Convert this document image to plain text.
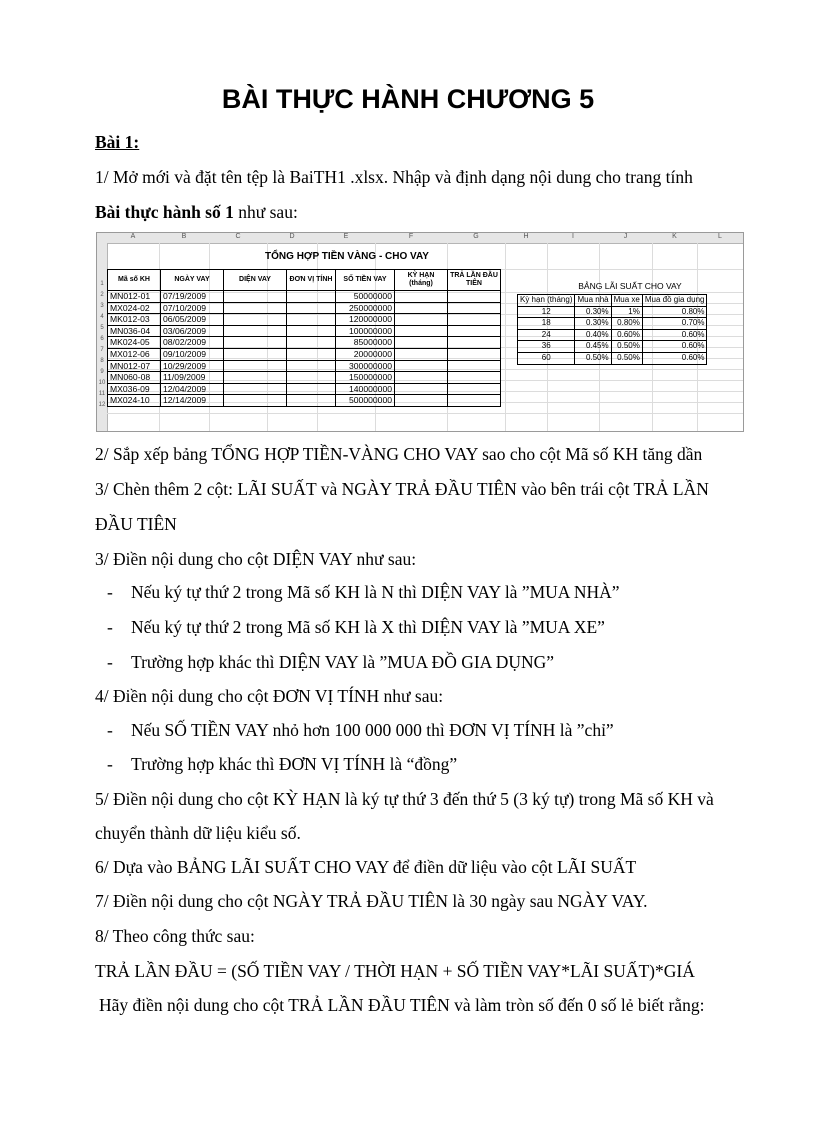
BÀI THỰC HÀNH CHƯƠNG 5
Bài 1:
1/ Mở mới và đặt tên tệp là BaiTH1 .xlsx. Nhập và định dạng nội dung cho trang tính
Bài thực hành số 1 như sau:
A	B	C	D	E	F	G	H	I	J	K	L
1
2
3
4
5
6
7
8
9
10
11
12
TỔNG HỢP TIỀN VÀNG - CHO VAY
Mã số KH	NGÀY VAY	DIỆN VAY	ĐƠN VỊ TÍNH	SỐ TIỀN VAY	KỲ HẠN (tháng)	TRẢ LẦN ĐẦU TIÊN
MN012-01	07/19/2009			50000000		
MX024-02	07/10/2009			250000000		
MK012-03	06/05/2009			120000000		
MN036-04	03/06/2009			100000000		
MK024-05	08/02/2009			85000000		
MX012-06	09/10/2009			20000000		
MN012-07	10/29/2009			300000000		
MN060-08	11/09/2009			150000000		
MX036-09	12/04/2009			140000000		
MX024-10	12/14/2009			500000000		
BẢNG LÃI SUẤT CHO VAY
Kỳ hạn (tháng)	Mua nhà	Mua xe	Mua đồ gia dụng
12	0.30%	1%	0.80%
18	0.30%	0.80%	0.70%
24	0.40%	0.60%	0.60%
36	0.45%	0.50%	0.60%
60	0.50%	0.50%	0.60%
2/ Sắp xếp bảng TỔNG HỢP TIỀN-VÀNG CHO VAY sao cho cột Mã số KH tăng dần
3/ Chèn thêm 2 cột: LÃI SUẤT và NGÀY TRẢ ĐẦU TIÊN vào bên trái cột TRẢ LẦN
ĐẦU TIÊN
3/ Điền nội dung cho cột DIỆN VAY như sau:
- Nếu ký tự thứ 2 trong Mã số KH là N thì DIỆN VAY là ”MUA NHÀ”
- Nếu ký tự thứ 2 trong Mã số KH là X thì DIỆN VAY là ”MUA XE”
- Trường hợp khác thì DIỆN VAY là ”MUA ĐỒ GIA DỤNG”
4/ Điền nội dung cho cột ĐƠN VỊ TÍNH như sau:
- Nếu SỐ TIỀN VAY nhỏ hơn 100 000 000 thì ĐƠN VỊ TÍNH là ”chỉ”
- Trường hợp khác thì ĐƠN VỊ TÍNH là “đồng”
5/ Điền nội dung cho cột KỲ HẠN là ký tự thứ 3 đến thứ 5 (3 ký tự) trong Mã số KH và
chuyển thành dữ liệu kiểu số.
6/ Dựa vào BẢNG LÃI SUẤT CHO VAY để điền dữ liệu vào cột LÃI SUẤT
7/ Điền nội dung cho cột NGÀY TRẢ ĐẦU TIÊN là 30 ngày sau NGÀY VAY.
8/ Theo công thức sau:
TRẢ LẦN ĐẦU = (SỐ TIỀN VAY / THỜI HẠN + SỐ TIỀN VAY*LÃI SUẤT)*GIÁ
Hãy điền nội dung cho cột TRẢ LẦN ĐẦU TIÊN và làm tròn số đến 0 số lẻ biết rằng:
